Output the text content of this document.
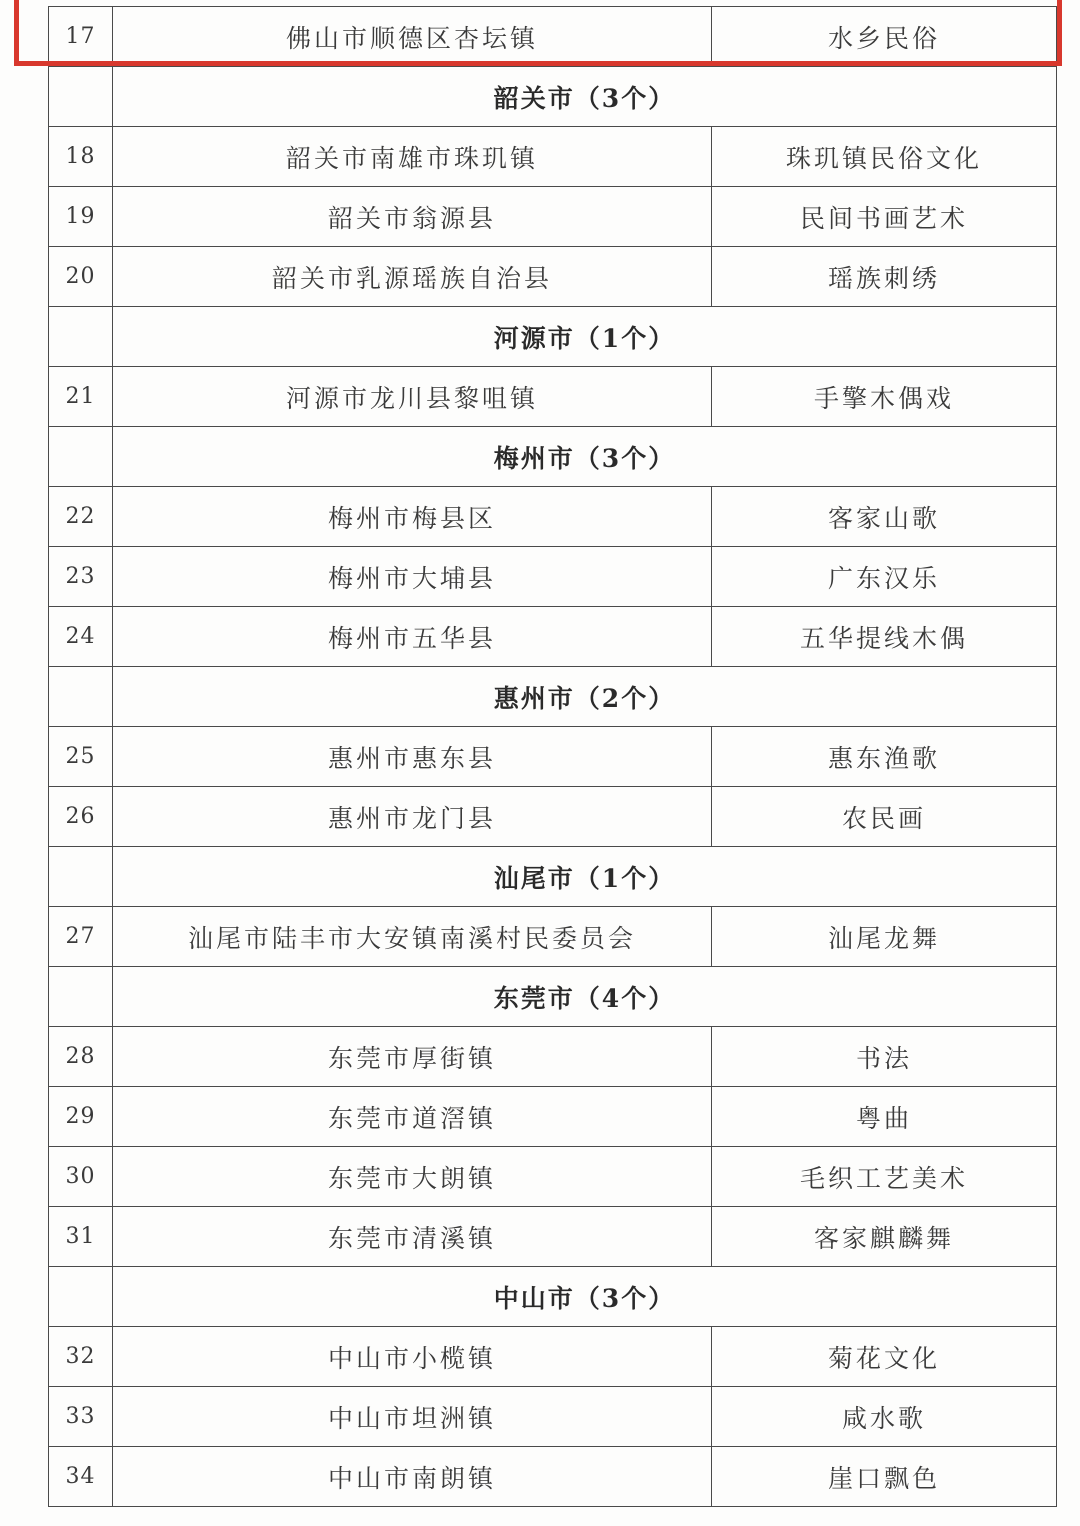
17	佛山市顺德区杏坛镇	水乡民俗
	韶关市（3个）	
18	韶关市南雄市珠玑镇	珠玑镇民俗文化
19	韶关市翁源县	民间书画艺术
20	韶关市乳源瑶族自治县	瑶族刺绣
	河源市（1个）	
21	河源市龙川县黎咀镇	手擎木偶戏
	梅州市（3个）	
22	梅州市梅县区	客家山歌
23	梅州市大埔县	广东汉乐
24	梅州市五华县	五华提线木偶
	惠州市（2个）	
25	惠州市惠东县	惠东渔歌
26	惠州市龙门县	农民画
	汕尾市（1个）	
27	汕尾市陆丰市大安镇南溪村民委员会	汕尾龙舞
	东莞市（4个）	
28	东莞市厚街镇	书法
29	东莞市道滘镇	粤曲
30	东莞市大朗镇	毛织工艺美术
31	东莞市清溪镇	客家麒麟舞
	中山市（3个）	
32	中山市小榄镇	菊花文化
33	中山市坦洲镇	咸水歌
34	中山市南朗镇	崖口飘色
